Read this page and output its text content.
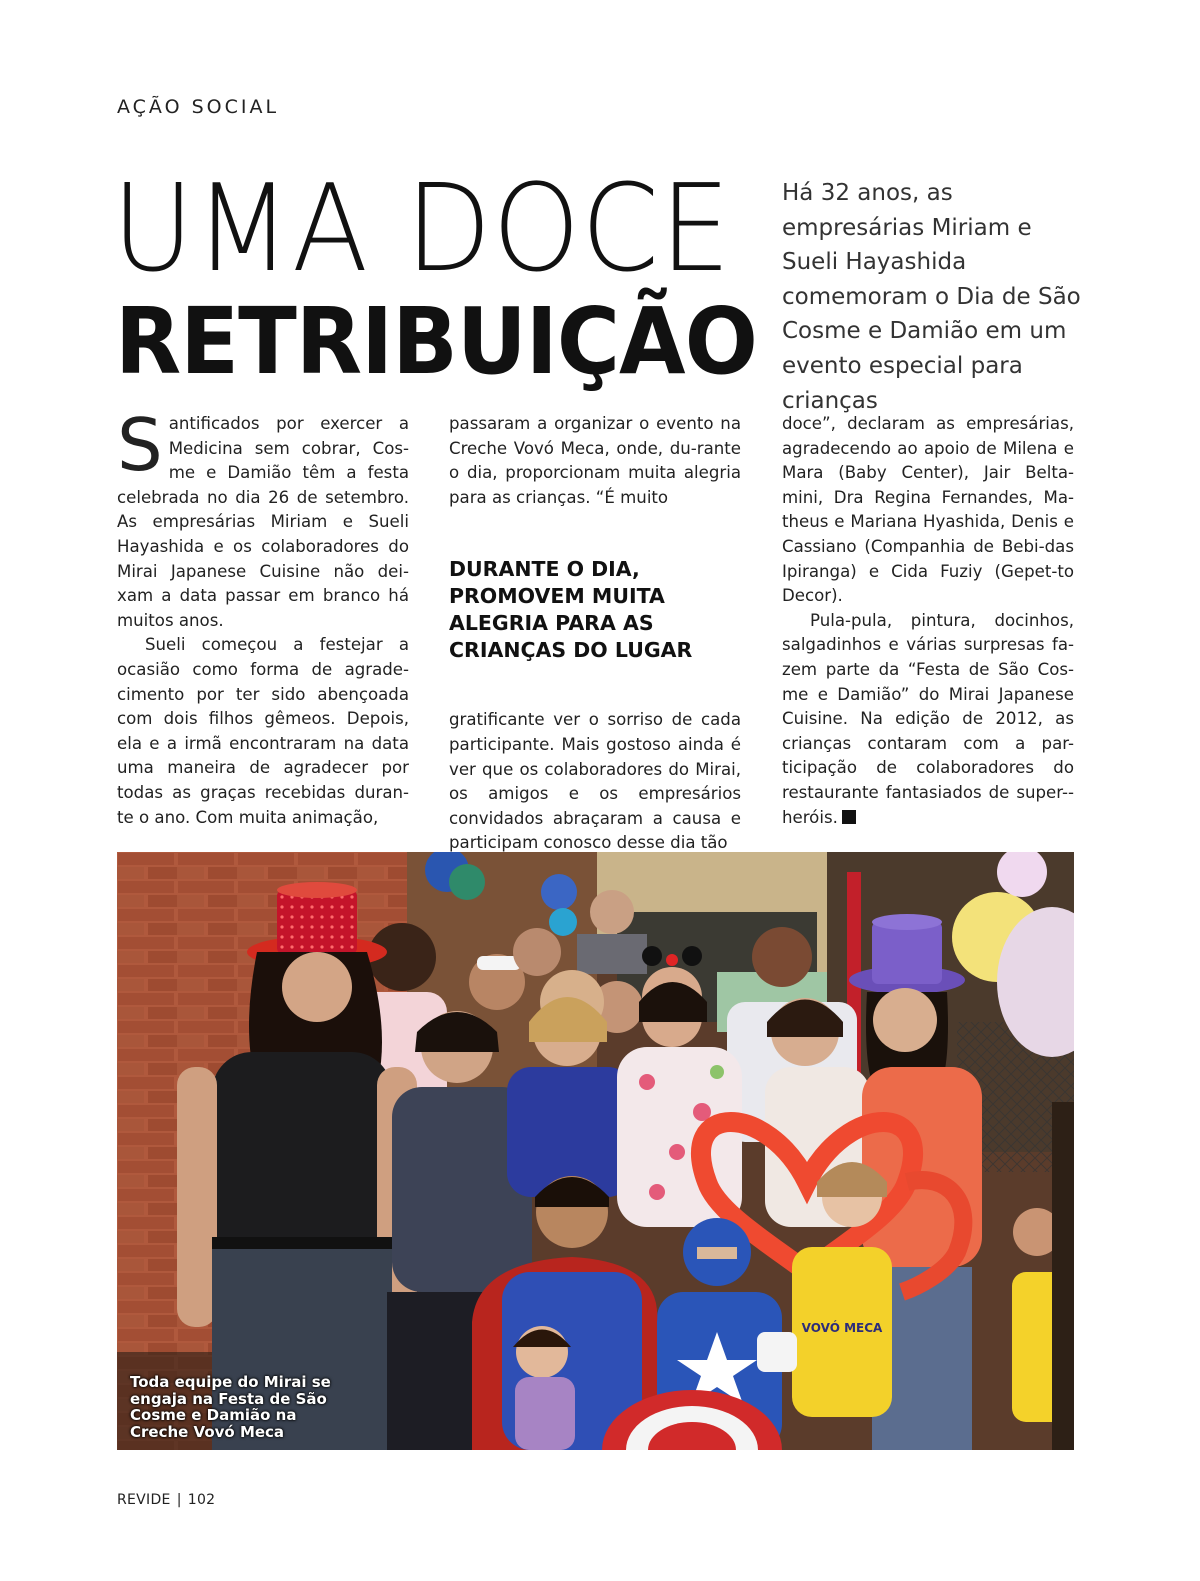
AÇÃO SOCIAL
UMA DOCE
RETRIBUIÇÃO
Há 32 anos, as empresárias Miriam e Sueli Hayashida comemoram o Dia de São Cosme e Damião em um evento especial para crianças

Santificados por exercer a Medicina sem cobrar, Cos-me e Damião têm a festa celebrada no dia 26 de setembro. As empresárias Miriam e Sueli Hayashida e os colaboradores do Mirai Japanese Cuisine não dei-xam a data passar em branco há muitos anos.

Sueli começou a festejar a ocasião como forma de agrade-cimento por ter sido abençoada com dois filhos gêmeos. Depois, ela e a irmã encontraram na data uma maneira de agradecer por todas as graças recebidas duran-te o ano. Com muita animação,

passaram a organizar o evento na Creche Vovó Meca, onde, du-rante o dia, proporcionam muita alegria para as crianças. “É muito

DURANTE O DIA, PROMOVEM MUITA ALEGRIA PARA AS CRIANÇAS DO LUGAR

gratificante ver o sorriso de cada participante. Mais gostoso ainda é ver que os colaboradores do Mirai, os amigos e os empresários convidados abraçaram a causa e participam conosco desse dia tão

doce”, declaram as empresárias, agradecendo ao apoio de Milena e Mara (Baby Center), Jair Belta-mini, Dra Regina Fernandes, Ma-theus e Mariana Hyashida, Denis e Cassiano (Companhia de Bebi-das Ipiranga) e Cida Fuziy (Gepet-to Decor).

Pula-pula, pintura, docinhos, salgadinhos e várias surpresas fa-zem parte da “Festa de São Cos-me e Damião” do Mirai Japanese Cuisine. Na edição de 2012, as crianças contaram com a par-ticipação de colaboradores do restaurante fantasiados de super--heróis.r

VOVÓ MECA
Toda equipe do Mirai se engaja na Festa de São Cosme e Damião na Creche Vovó Meca
REVIDE | 102
